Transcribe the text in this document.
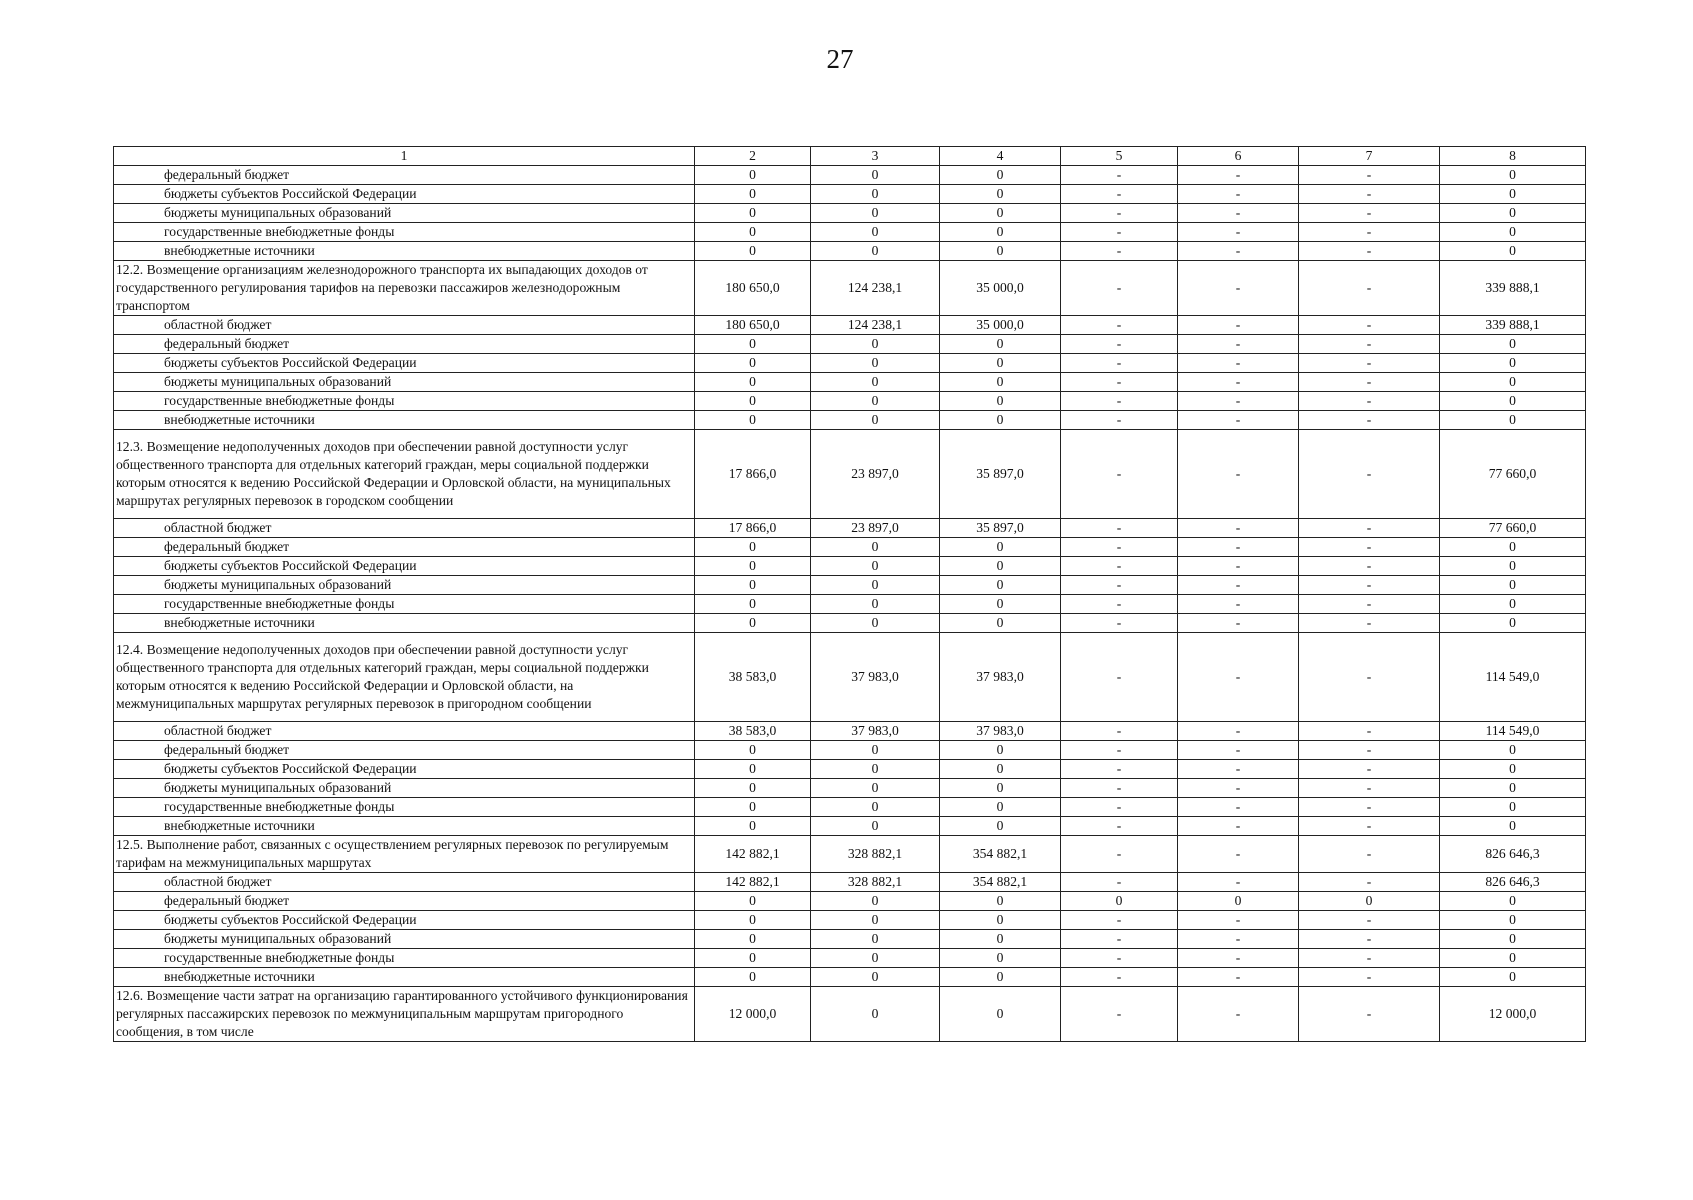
27
1	2	3	4	5	6	7	8
федеральный бюджет	0	0	0	-	-	-	0
бюджеты субъектов Российской Федерации	0	0	0	-	-	-	0
бюджеты муниципальных образований	0	0	0	-	-	-	0
государственные внебюджетные фонды	0	0	0	-	-	-	0
внебюджетные источники	0	0	0	-	-	-	0
12.2. Возмещение организациям железнодорожного транспорта их выпадающих доходов от государственного регулирования тарифов на перевозки пассажиров железнодорожным транспортом	180 650,0	124 238,1	35 000,0	-	-	-	339 888,1
областной бюджет	180 650,0	124 238,1	35 000,0	-	-	-	339 888,1
федеральный бюджет	0	0	0	-	-	-	0
бюджеты субъектов Российской Федерации	0	0	0	-	-	-	0
бюджеты муниципальных образований	0	0	0	-	-	-	0
государственные внебюджетные фонды	0	0	0	-	-	-	0
внебюджетные источники	0	0	0	-	-	-	0
12.3. Возмещение недополученных доходов при обеспечении равной доступности услуг общественного транспорта для отдельных категорий граждан, меры социальной поддержки которым относятся к ведению Российской Федерации и Орловской области, на муниципальных маршрутах регулярных перевозок в городском сообщении	17 866,0	23 897,0	35 897,0	-	-	-	77 660,0
областной бюджет	17 866,0	23 897,0	35 897,0	-	-	-	77 660,0
федеральный бюджет	0	0	0	-	-	-	0
бюджеты субъектов Российской Федерации	0	0	0	-	-	-	0
бюджеты муниципальных образований	0	0	0	-	-	-	0
государственные внебюджетные фонды	0	0	0	-	-	-	0
внебюджетные источники	0	0	0	-	-	-	0
12.4. Возмещение недополученных доходов при обеспечении равной доступности услуг общественного транспорта для отдельных категорий граждан, меры социальной поддержки которым относятся к ведению Российской Федерации и Орловской области, на межмуниципальных маршрутах регулярных перевозок в пригородном сообщении	38 583,0	37 983,0	37 983,0	-	-	-	114 549,0
областной бюджет	38 583,0	37 983,0	37 983,0	-	-	-	114 549,0
федеральный бюджет	0	0	0	-	-	-	0
бюджеты субъектов Российской Федерации	0	0	0	-	-	-	0
бюджеты муниципальных образований	0	0	0	-	-	-	0
государственные внебюджетные фонды	0	0	0	-	-	-	0
внебюджетные источники	0	0	0	-	-	-	0
12.5. Выполнение работ, связанных с осуществлением регулярных перевозок по регулируемым тарифам на межмуниципальных маршрутах	142 882,1	328 882,1	354 882,1	-	-	-	826 646,3
областной бюджет	142 882,1	328 882,1	354 882,1	-	-	-	826 646,3
федеральный бюджет	0	0	0	0	0	0	0
бюджеты субъектов Российской Федерации	0	0	0	-	-	-	0
бюджеты муниципальных образований	0	0	0	-	-	-	0
государственные внебюджетные фонды	0	0	0	-	-	-	0
внебюджетные источники	0	0	0	-	-	-	0
12.6. Возмещение части затрат на организацию гарантированного устойчивого функционирования регулярных пассажирских перевозок по межмуниципальным маршрутам пригородного сообщения, в том числе	12 000,0	0	0	-	-	-	12 000,0
